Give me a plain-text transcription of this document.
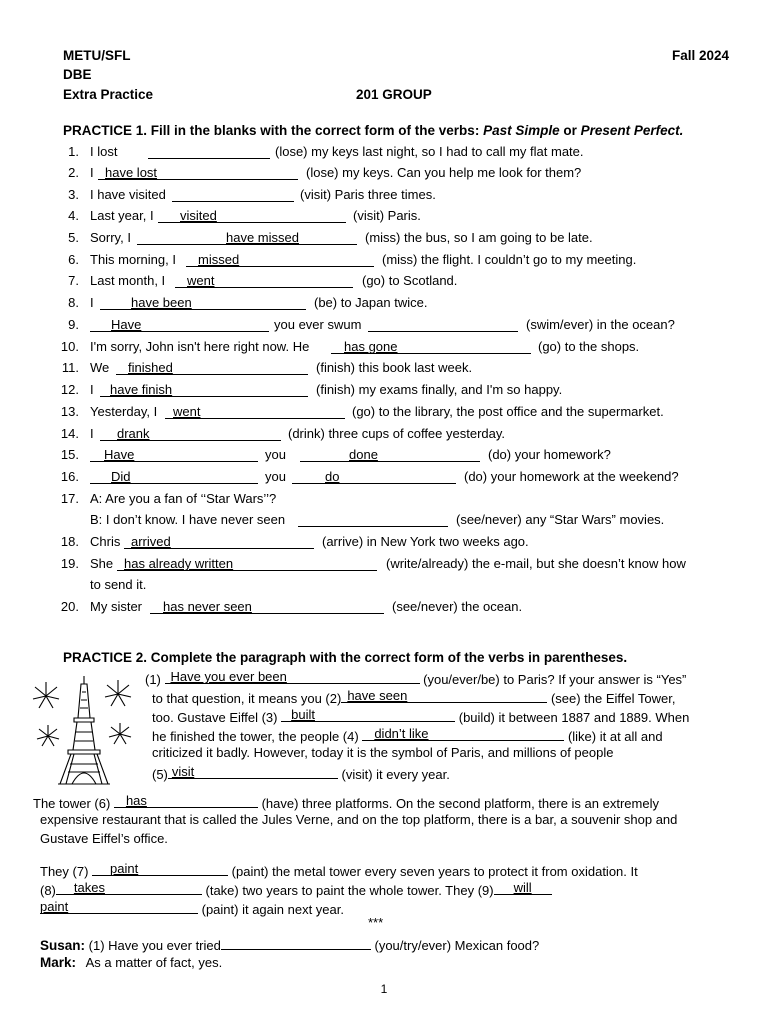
METU/SFL	Fall 2024
DBE
Extra Practice	201 GROUP
PRACTICE 1. Fill in the blanks with the correct form of the verbs: Past Simple or Present Perfect.
1. I lost	(lose) my keys last night, so I had to call my flat mate.
2. I have lost	(lose) my keys. Can you help me look for them?
3. I have visited	(visit) Paris three times.
4. Last year, I visited	(visit) Paris.
5. Sorry, I	have missed	(miss) the bus, so I am going to be late.
6. This morning, I missed	(miss) the flight. I couldn’t go to my meeting.
7. Last month, I went	(go) to Scotland.
8. I	have been	(be) to Japan twice.
9. Have	you ever swum	(swim/ever) in the ocean?
10. I'm sorry, John isn't here right now. He	has gone	(go) to the shops.
11. We finished	(finish) this book last week.
12. I have finish	(finish) my exams finally, and I'm so happy.
13. Yesterday, I went	(go) to the library, the post office and the supermarket.
14. I drank	(drink) three cups of coffee yesterday.
15. Have	you	done	(do) your homework?
16. Did	you	do	(do) your homework at the weekend?
17. A: Are you a fan of ‘‘Star Wars’’?
B: I don’t know. I have never seen	(see/never) any “Star Wars” movies.
18. Chris arrived	(arrive) in New York two weeks ago.
19. She has already written	(write/already) the e-mail, but she doesn’t know how
to send it.
20. My sister has never seen	(see/never) the ocean.
PRACTICE 2. Complete the paragraph with the correct form of the verbs in parentheses.
(1) Have you ever been	(you/ever/be) to Paris? If your answer is “Yes”
to that question, it means you (2) have seen	(see) the Eiffel Tower,
too. Gustave Eiffel (3) built	(build) it between 1887 and 1889. When
he finished the tower, the people (4) didn’t like	(like) it at all and
criticized it badly. However, today it is the symbol of Paris, and millions of people
(5) visit	(visit) it every year.
The tower (6) has	(have) three platforms. On the second platform, there is an extremely
expensive restaurant that is called the Jules Verne, and on the top platform, there is a bar, a souvenir shop and
Gustave Eiffel’s office.
They (7) paint	(paint) the metal tower every seven years to protect it from oxidation. It
(8) takes	(take) two years to paint the whole tower. They (9) will
paint	(paint) it again next year.
***
Susan: (1) Have you ever tried	(you/try/ever) Mexican food?
Mark: As a matter of fact, yes.
1
